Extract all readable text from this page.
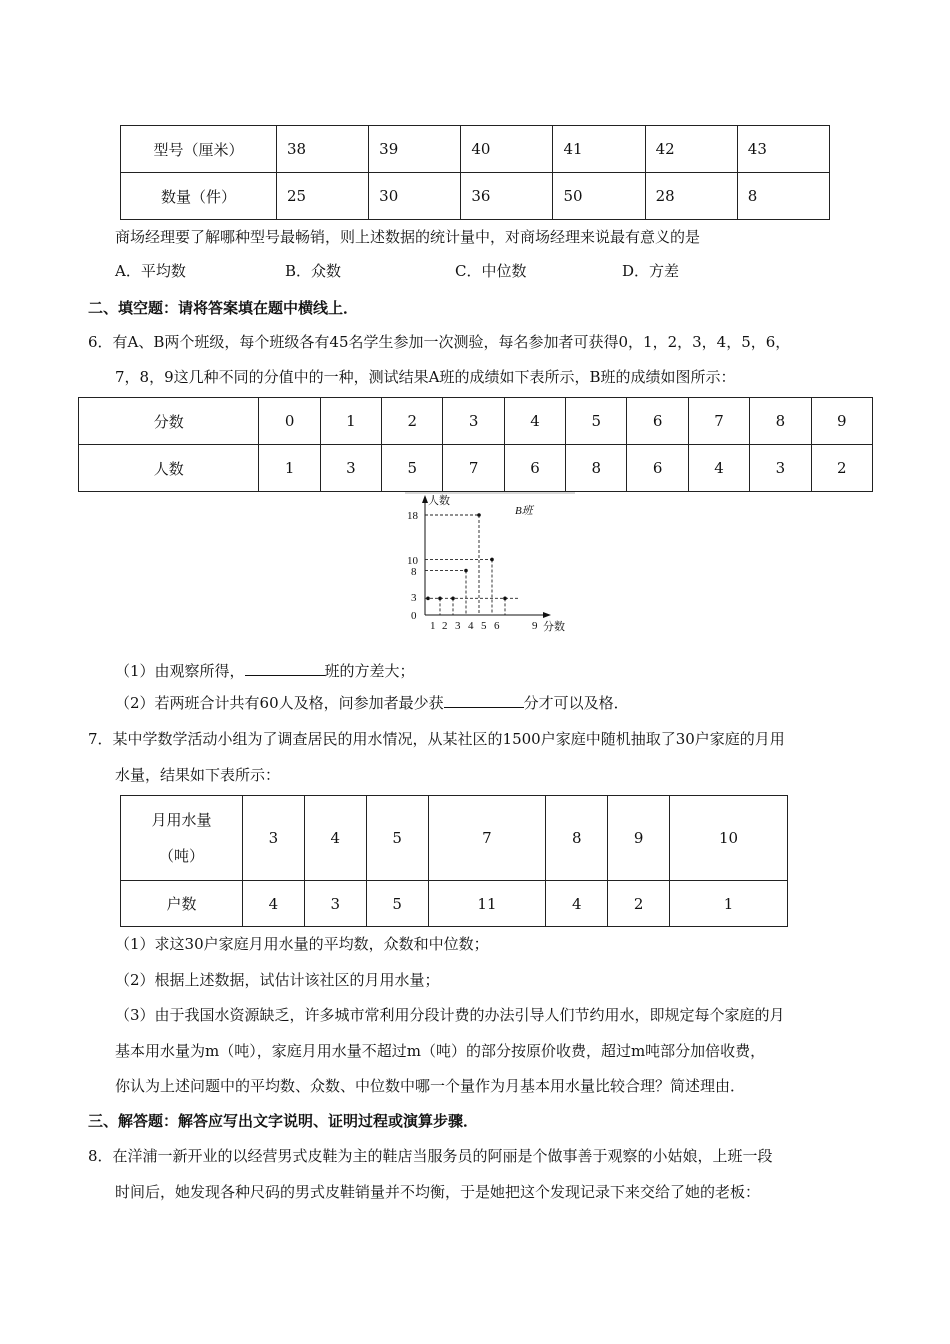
型号（厘米）	38	39	40	41	42	43
数量（件）	25	30	36	50	28	8
商场经理要了解哪种型号最畅销，则上述数据的统计量中，对商场经理来说最有意义的是
A．平均数	B．众数	C．中位数	D．方差
二、填空题：请将答案填在题中横线上．
6．有A、B两个班级，每个班级各有45名学生参加一次测验，每名参加者可获得0，1，2，3，4，5，6，
7，8，9这几种不同的分值中的一种，测试结果A班的成绩如下表所示，B班的成绩如图所示：
分数	0	1	2	3	4	5	6	7	8	9
人数	1	3	5	7	6	8	6	4	3	2
人数
B班
分数
18
10
8
3
0
1 2 3 4 5 6	9
（1）由观察所得，	班的方差大；
（2）若两班合计共有60人及格，问参加者最少获	分才可以及格．
7．某中学数学活动小组为了调查居民的用水情况，从某社区的1500户家庭中随机抽取了30户家庭的月用
水量，结果如下表所示：
月用水量
（吨）	3	4	5	7	8	9	10
户数	4	3	5	11	4	2	1
（1）求这30户家庭月用水量的平均数，众数和中位数；
（2）根据上述数据，试估计该社区的月用水量；
（3）由于我国水资源缺乏，许多城市常利用分段计费的办法引导人们节约用水，即规定每个家庭的月
基本用水量为m（吨），家庭月用水量不超过m（吨）的部分按原价收费，超过m吨部分加倍收费，
你认为上述问题中的平均数、众数、中位数中哪一个量作为月基本用水量比较合理？简述理由．
三、解答题：解答应写出文字说明、证明过程或演算步骤．
8．在洋浦一新开业的以经营男式皮鞋为主的鞋店当服务员的阿丽是个做事善于观察的小姑娘，上班一段
时间后，她发现各种尺码的男式皮鞋销量并不均衡，于是她把这个发现记录下来交给了她的老板：
